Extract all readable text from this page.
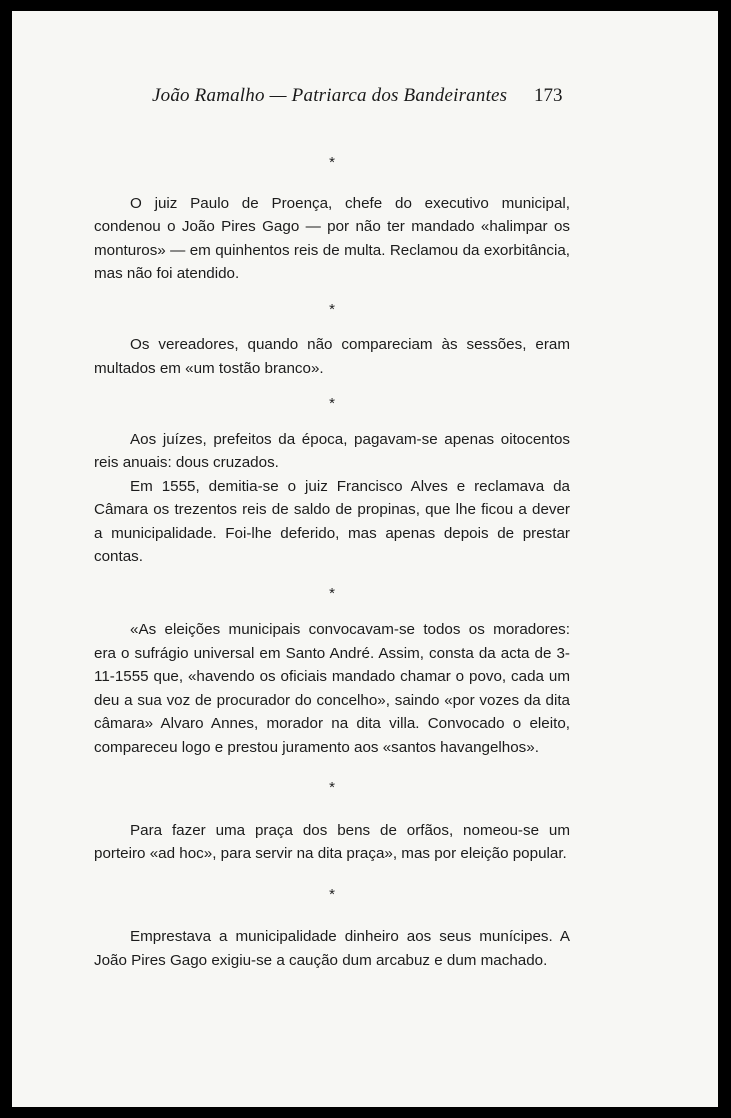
João Ramalho — Patriarca dos Bandeirantes 173
*

O juiz Paulo de Proença, chefe do executivo municipal, condenou o João Pires Gago — por não ter mandado «halimpar os monturos» — em quinhentos reis de multa. Reclamou da exorbitância, mas não foi atendido.

*

Os vereadores, quando não compareciam às sessões, eram multados em «um tostão branco».

*

Aos juízes, prefeitos da época, pagavam-se apenas oitocentos reis anuais: dous cruzados.

Em 1555, demitia-se o juiz Francisco Alves e reclamava da Câmara os trezentos reis de saldo de propinas, que lhe ficou a dever a municipalidade. Foi-lhe deferido, mas apenas depois de prestar contas.

*

«As eleições municipais convocavam-se todos os moradores: era o sufrágio universal em Santo André. Assim, consta da acta de 3-11-1555 que, «havendo os oficiais mandado chamar o povo, cada um deu a sua voz de procurador do concelho», saindo «por vozes da dita câmara» Alvaro Annes, morador na dita villa. Convocado o eleito, compareceu logo e prestou juramento aos «santos havangelhos».

*

Para fazer uma praça dos bens de orfãos, nomeou-se um porteiro «ad hoc», para servir na dita praça», mas por eleição popular.

*

Emprestava a municipalidade dinheiro aos seus munícipes. A João Pires Gago exigiu-se a caução dum arcabuz e dum machado.
